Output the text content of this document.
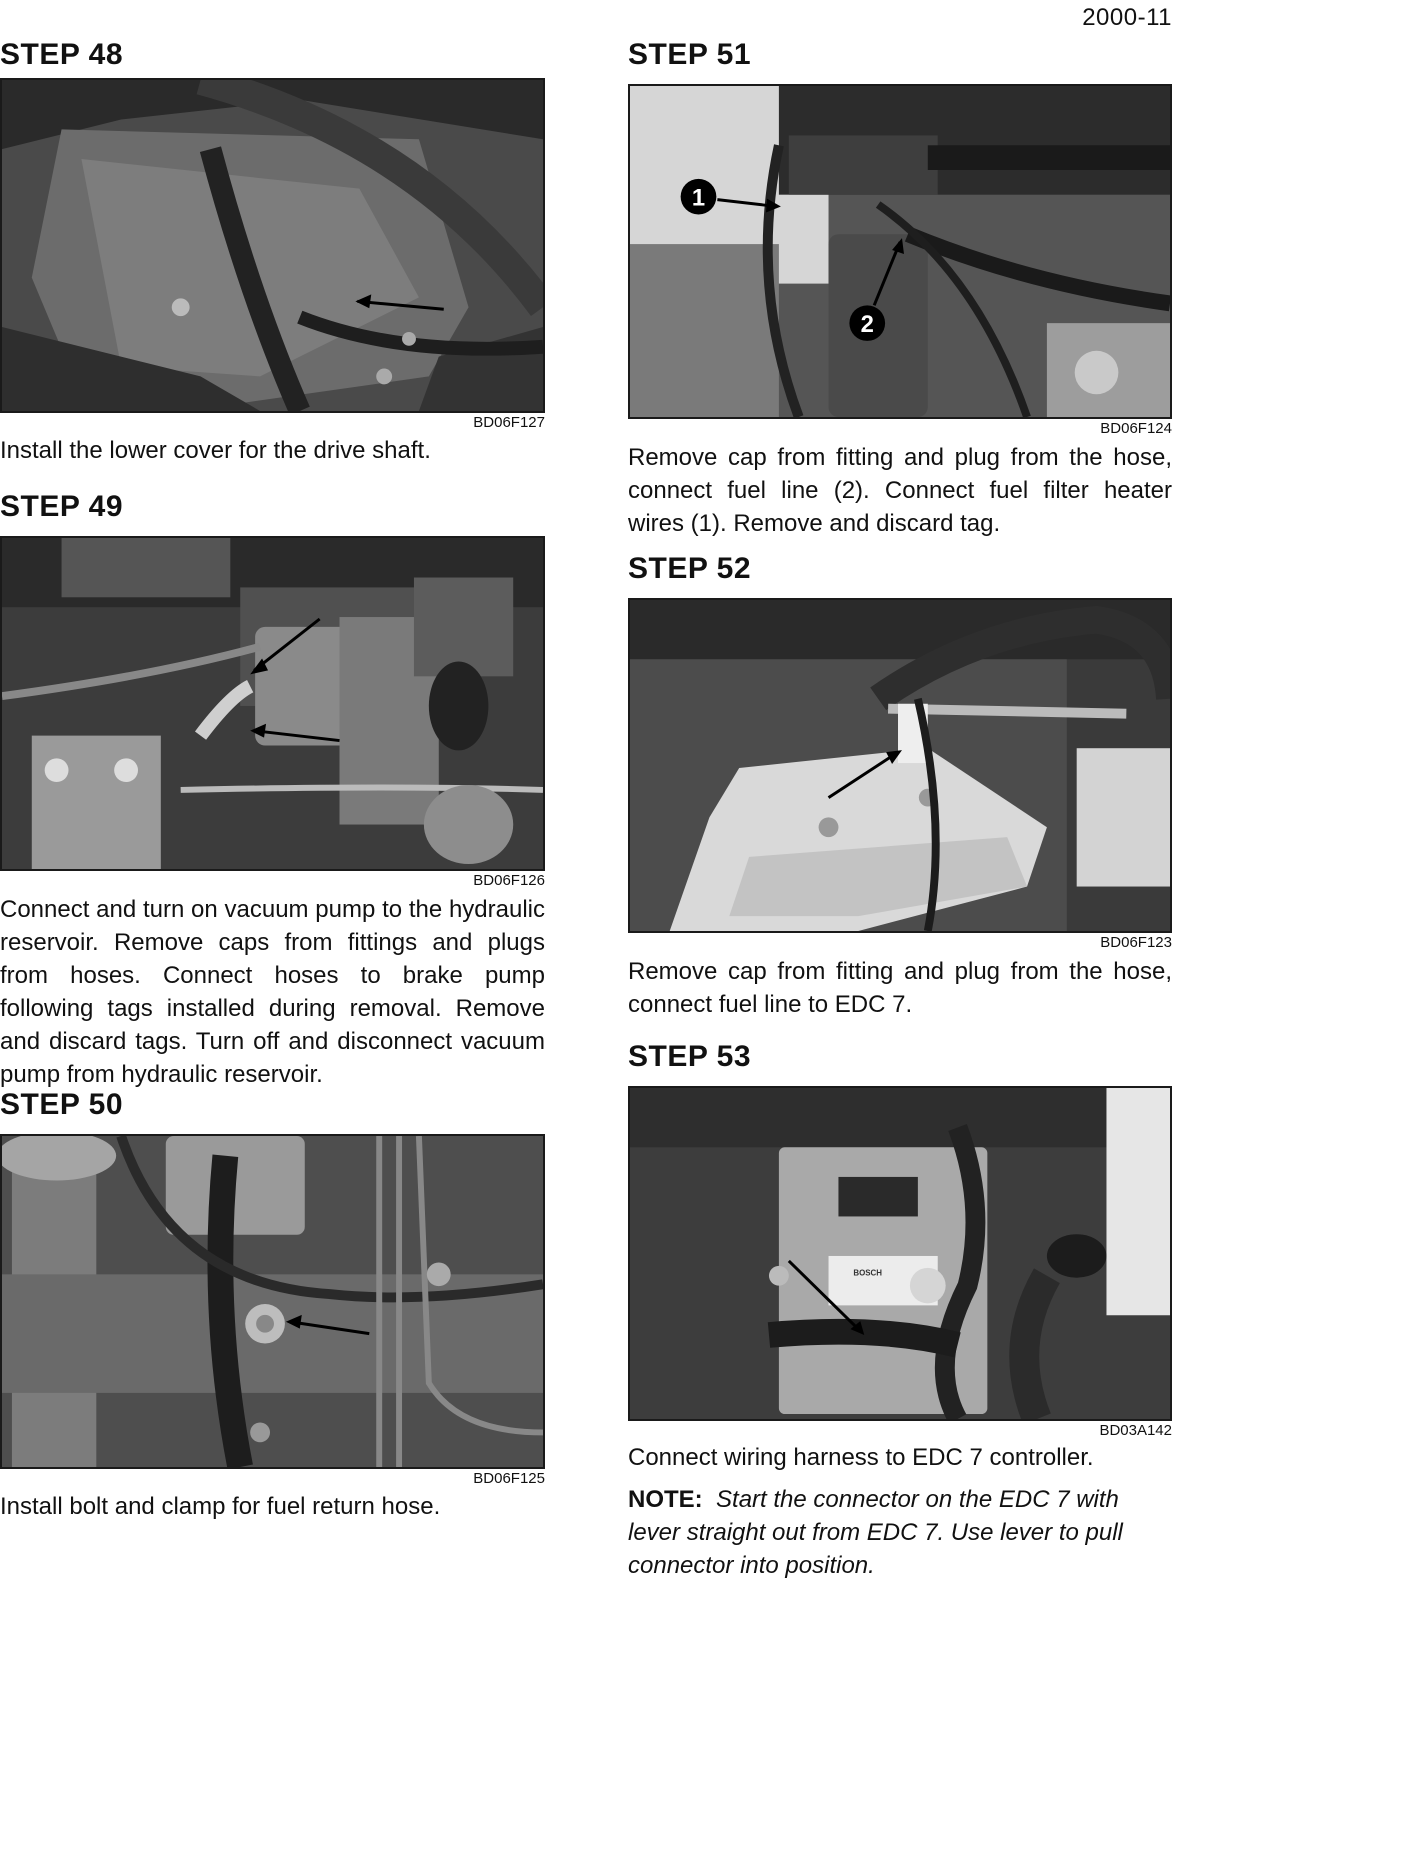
2000-11
STEP 48
BD06F127

Install the lower cover for the drive shaft.

STEP 49
BD06F126

Connect and turn on vacuum pump to the hydraulic reservoir. Remove caps from fittings and plugs from hoses. Connect hoses to brake pump following tags installed during removal. Remove and discard tags. Turn off and disconnect vacuum pump from hydraulic reservoir.

STEP 50
BD06F125

Install bolt and clamp for fuel return hose.

STEP 51
1
2
BD06F124

Remove cap from fitting and plug from the hose, connect fuel line (2). Connect fuel filter heater wires (1). Remove and discard tag.

STEP 52
BD06F123

Remove cap from fitting and plug from the hose, connect fuel line to EDC 7.

STEP 53
BOSCH
BD03A142

Connect wiring harness to EDC 7 controller.

NOTE: Start the connector on the EDC 7 with lever straight out from EDC 7. Use lever to pull connector into position.
